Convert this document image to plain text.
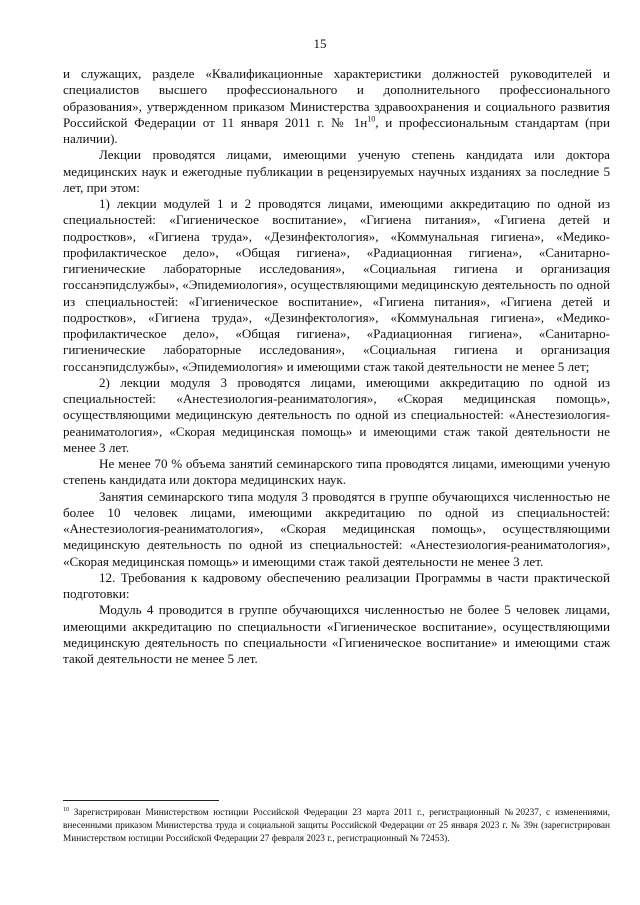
15

и служащих, разделе «Квалификационные характеристики должностей руководителей и специалистов высшего профессионального и дополнительного профессионального образования», утвержденном приказом Министерства здравоохранения и социального развития Российской Федерации от 11 января 2011 г. № $1н^{10}$, и профессиональным стандартам (при наличии).

Лекции проводятся лицами, имеющими ученую степень кандидата или доктора медицинских наук и ежегодные публикации в рецензируемых научных изданиях за последние 5 лет, при этом:

1) лекции модулей 1 и 2 проводятся лицами, имеющими аккредитацию по одной из специальностей: «Гигиеническое воспитание», «Гигиена питания», «Гигиена детей и подростков», «Гигиена труда», «Дезинфектология», «Коммунальная гигиена», «Медико-профилактическое дело», «Общая гигиена», «Радиационная гигиена», «Санитарно-гигиенические лабораторные исследования», «Социальная гигиена и организация госсанэпидслужбы», «Эпидемиология», осуществляющими медицинскую деятельность по одной из специальностей: «Гигиеническое воспитание», «Гигиена питания», «Гигиена детей и подростков», «Гигиена труда», «Дезинфектология», «Коммунальная гигиена», «Медико-профилактическое дело», «Общая гигиена», «Радиационная гигиена», «Санитарно-гигиенические лабораторные исследования», «Социальная гигиена и организация госсанэпидслужбы», «Эпидемиология» и имеющими стаж такой деятельности не менее 5 лет;

2) лекции модуля 3 проводятся лицами, имеющими аккредитацию по одной из специальностей: «Анестезиология-реаниматология», «Скорая медицинская помощь», осуществляющими медицинскую деятельность по одной из специальностей: «Анестезиология-реаниматология», «Скорая медицинская помощь» и имеющими стаж такой деятельности не менее 3 лет.

Не менее 70 % объема занятий семинарского типа проводятся лицами, имеющими ученую степень кандидата или доктора медицинских наук.

Занятия семинарского типа модуля 3 проводятся в группе обучающихся численностью не более 10 человек лицами, имеющими аккредитацию по одной из специальностей: «Анестезиология-реаниматология», «Скорая медицинская помощь», осуществляющими медицинскую деятельность по одной из специальностей: «Анестезиология-реаниматология», «Скорая медицинская помощь» и имеющими стаж такой деятельности не менее 3 лет.

12. Требования к кадровому обеспечению реализации Программы в части практической подготовки:

Модуль 4 проводится в группе обучающихся численностью не более 5 человек лицами, имеющими аккредитацию по специальности «Гигиеническое воспитание», осуществляющими медицинскую деятельность по специальности «Гигиеническое воспитание» и имеющими стаж такой деятельности не менее 5 лет.

$^{10}$ Зарегистрирован Министерством юстиции Российской Федерации 23 марта 2011 г., регистрационный №20237, с изменениями, внесенными приказом Министерства труда и социальной защиты Российской Федерации от 25 января 2023 г. № 39н (зарегистрирован Министерством юстиции Российской Федерации 27 февраля 2023 г., регистрационный № 72453).
